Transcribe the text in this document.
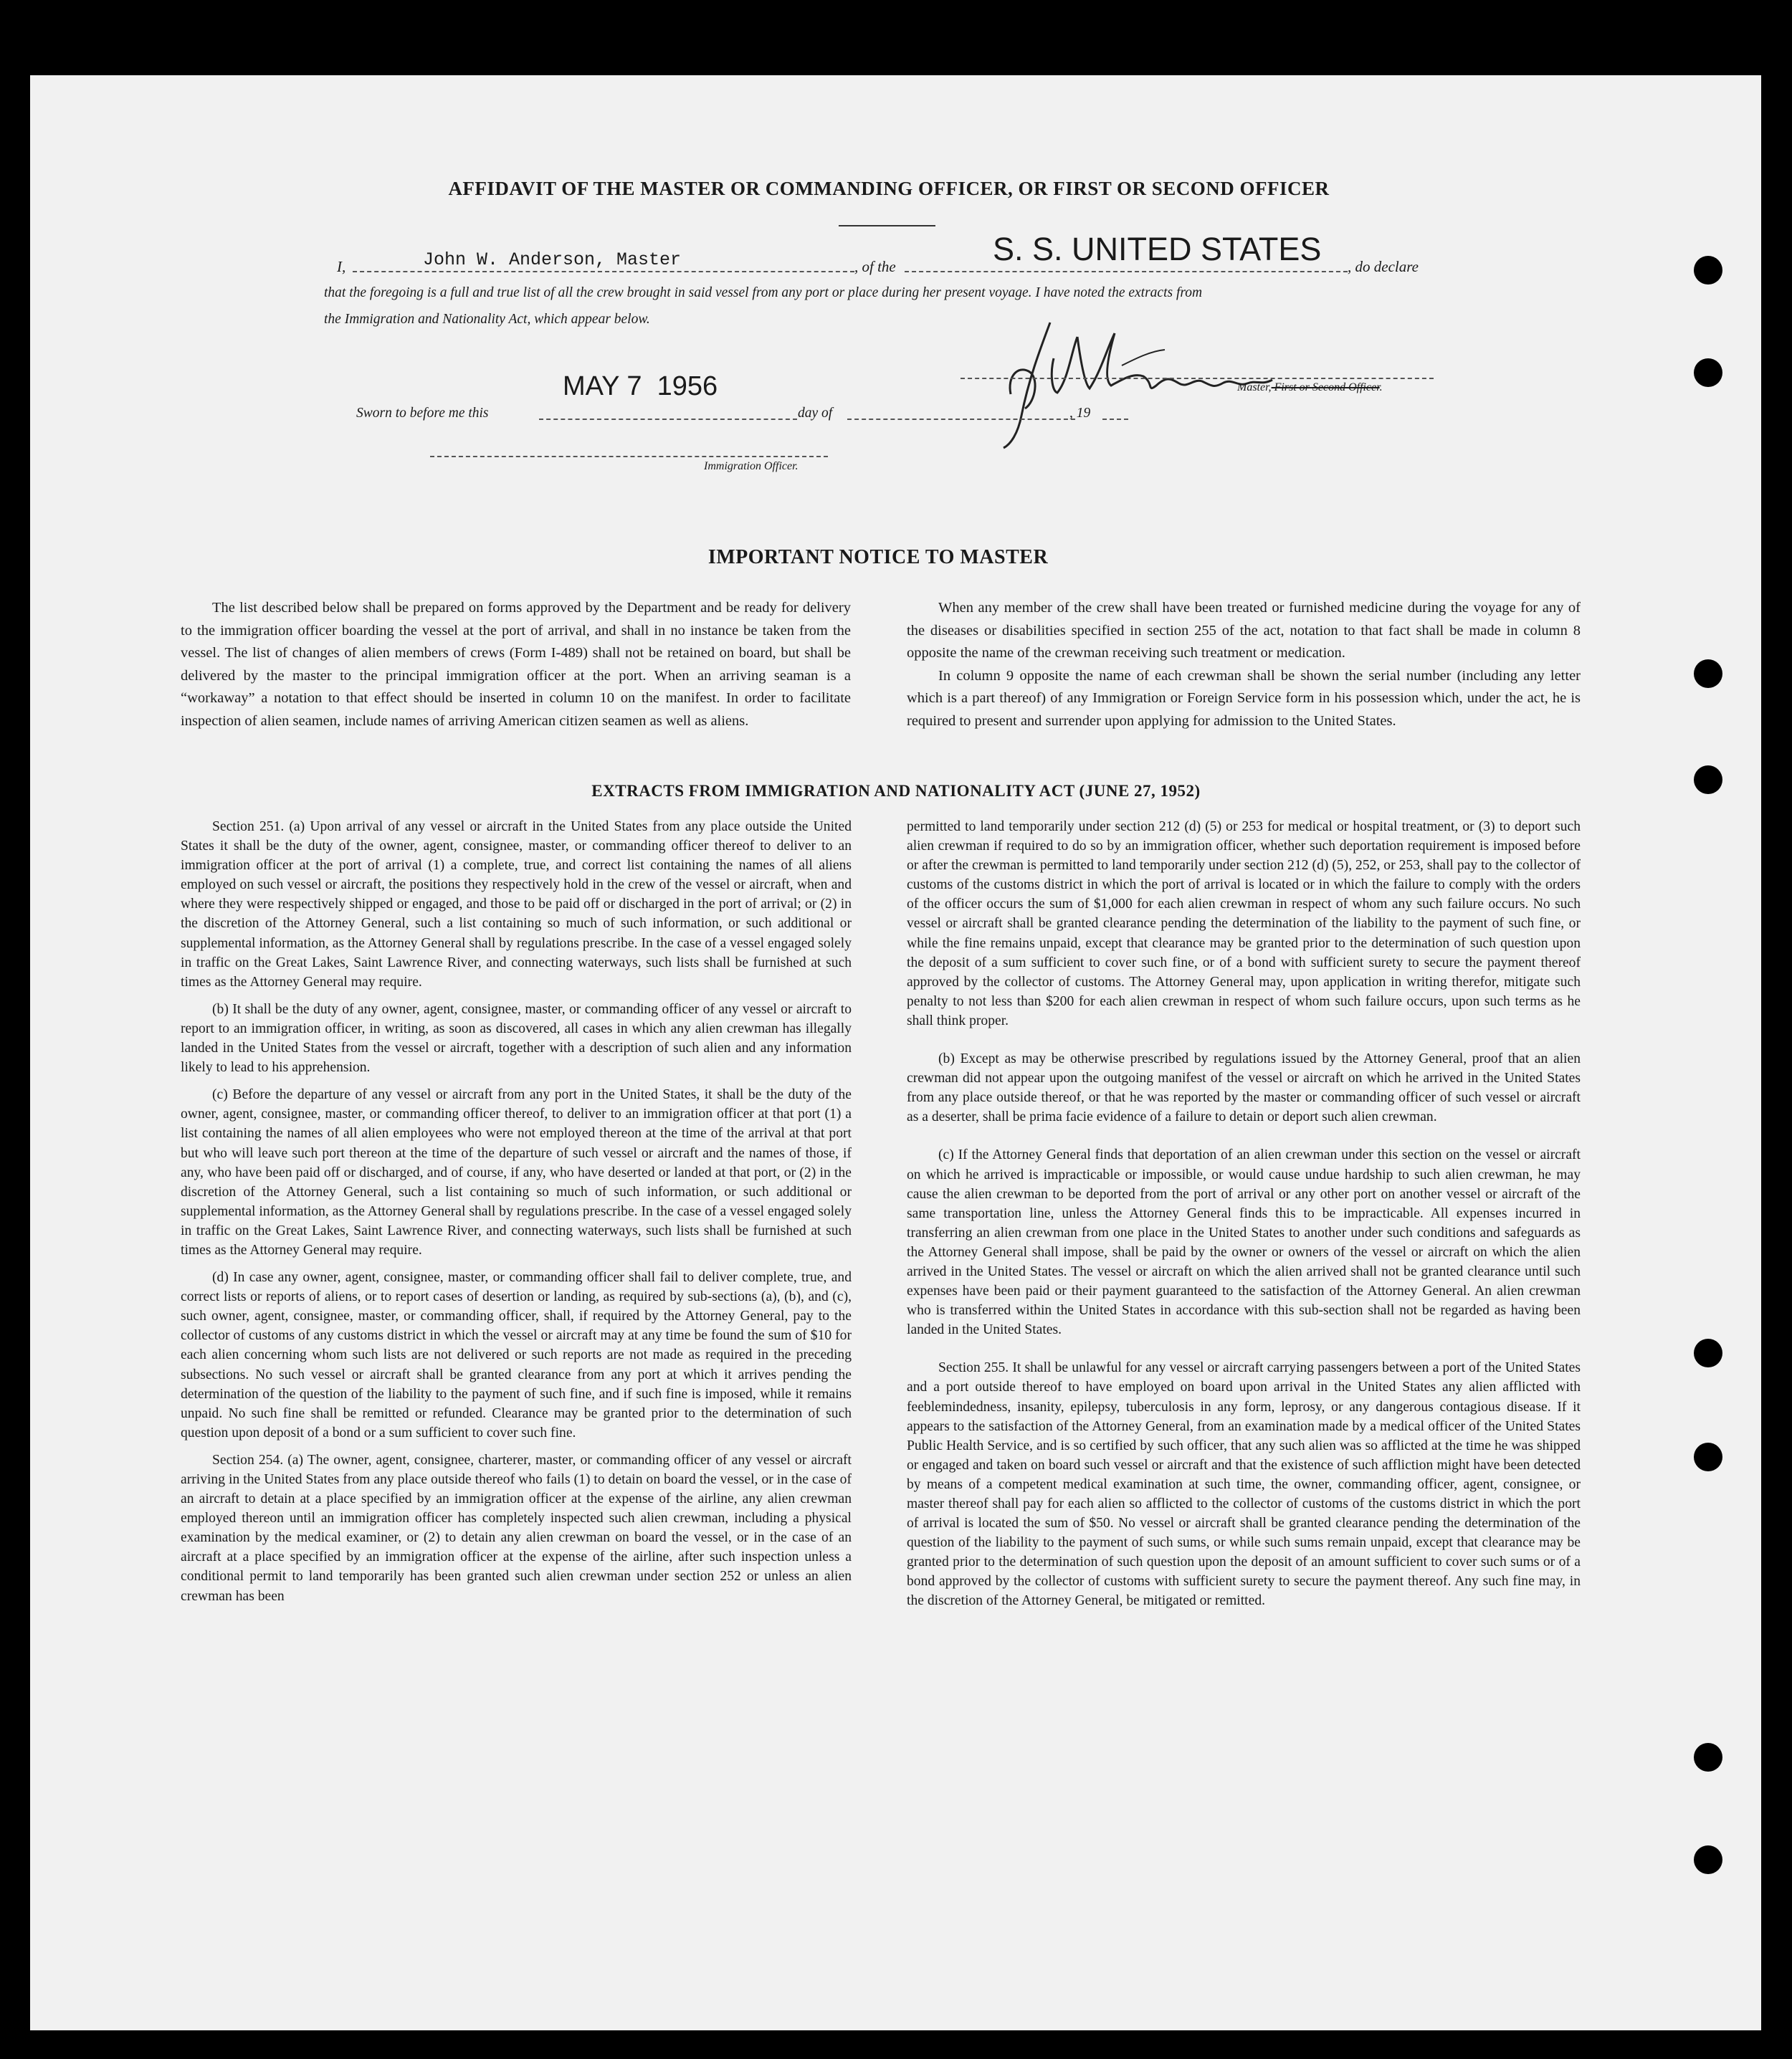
AFFIDAVIT OF THE MASTER OR COMMANDING OFFICER, OR FIRST OR SECOND OFFICER
I,	John W. Anderson, Master	, of the	S. S. UNITED STATES , do declare
that the foregoing is a full and true list of all the crew brought in said vessel from any port or place during her present voyage. I have noted the extracts from
the Immigration and Nationality Act, which appear below.
MAY 7  1956	Master, First or Second Officer.
Sworn to before me this	day of	, 19
Immigration Officer.
IMPORTANT NOTICE TO MASTER

The list described below shall be prepared on forms approved by the Department and be ready for delivery to the immigration officer boarding the vessel at the port of arrival, and shall in no instance be taken from the vessel. The list of changes of alien members of crews (Form I-489) shall not be retained on board, but shall be delivered by the master to the principal immigration officer at the port. When an arriving seaman is a “workaway” a notation to that effect should be inserted in column 10 on the manifest. In order to facilitate inspection of alien seamen, include names of arriving American citizen seamen as well as aliens.

When any member of the crew shall have been treated or furnished medicine during the voyage for any of the diseases or disabilities specified in section 255 of the act, notation to that fact shall be made in column 8 opposite the name of the crewman receiving such treatment or medication.

In column 9 opposite the name of each crewman shall be shown the serial number (including any letter which is a part thereof) of any Immigration or Foreign Service form in his possession which, under the act, he is required to present and surrender upon applying for admission to the United States.

EXTRACTS FROM IMMIGRATION AND NATIONALITY ACT (JUNE 27, 1952)

Section 251. (a) Upon arrival of any vessel or aircraft in the United States from any place outside the United States it shall be the duty of the owner, agent, consignee, master, or commanding officer thereof to deliver to an immigration officer at the port of arrival (1) a complete, true, and correct list containing the names of all aliens employed on such vessel or aircraft, the positions they respectively hold in the crew of the vessel or aircraft, when and where they were respectively shipped or engaged, and those to be paid off or discharged in the port of arrival; or (2) in the discretion of the Attorney General, such a list containing so much of such information, or such additional or supplemental information, as the Attorney General shall by regulations prescribe. In the case of a vessel engaged solely in traffic on the Great Lakes, Saint Lawrence River, and connecting waterways, such lists shall be furnished at such times as the Attorney General may require.

(b) It shall be the duty of any owner, agent, consignee, master, or commanding officer of any vessel or aircraft to report to an immigration officer, in writing, as soon as discovered, all cases in which any alien crewman has illegally landed in the United States from the vessel or aircraft, together with a description of such alien and any information likely to lead to his apprehension.

(c) Before the departure of any vessel or aircraft from any port in the United States, it shall be the duty of the owner, agent, consignee, master, or commanding officer thereof, to deliver to an immigration officer at that port (1) a list containing the names of all alien employees who were not employed thereon at the time of the arrival at that port but who will leave such port thereon at the time of the departure of such vessel or aircraft and the names of those, if any, who have been paid off or discharged, and of course, if any, who have deserted or landed at that port, or (2) in the discretion of the Attorney General, such a list containing so much of such information, or such additional or supplemental information, as the Attorney General shall by regulations prescribe. In the case of a vessel engaged solely in traffic on the Great Lakes, Saint Lawrence River, and connecting waterways, such lists shall be furnished at such times as the Attorney General may require.

(d) In case any owner, agent, consignee, master, or commanding officer shall fail to deliver complete, true, and correct lists or reports of aliens, or to report cases of desertion or landing, as required by sub-sections (a), (b), and (c), such owner, agent, consignee, master, or commanding officer, shall, if required by the Attorney General, pay to the collector of customs of any customs district in which the vessel or aircraft may at any time be found the sum of $10 for each alien concerning whom such lists are not delivered or such reports are not made as required in the preceding subsections. No such vessel or aircraft shall be granted clearance from any port at which it arrives pending the determination of the question of the liability to the payment of such fine, and if such fine is imposed, while it remains unpaid. No such fine shall be remitted or refunded. Clearance may be granted prior to the determination of such question upon deposit of a bond or a sum sufficient to cover such fine.

Section 254. (a) The owner, agent, consignee, charterer, master, or commanding officer of any vessel or aircraft arriving in the United States from any place outside thereof who fails (1) to detain on board the vessel, or in the case of an aircraft to detain at a place specified by an immigration officer at the expense of the airline, any alien crewman employed thereon until an immigration officer has completely inspected such alien crewman, including a physical examination by the medical examiner, or (2) to detain any alien crewman on board the vessel, or in the case of an aircraft at a place specified by an immigration officer at the expense of the airline, after such inspection unless a conditional permit to land temporarily has been granted such alien crewman under section 252 or unless an alien crewman has been

permitted to land temporarily under section 212 (d) (5) or 253 for medical or hospital treatment, or (3) to deport such alien crewman if required to do so by an immigration officer, whether such deportation requirement is imposed before or after the crewman is permitted to land temporarily under section 212 (d) (5), 252, or 253, shall pay to the collector of customs of the customs district in which the port of arrival is located or in which the failure to comply with the orders of the officer occurs the sum of $1,000 for each alien crewman in respect of whom any such failure occurs. No such vessel or aircraft shall be granted clearance pending the determination of the liability to the payment of such fine, or while the fine remains unpaid, except that clearance may be granted prior to the determination of such question upon the deposit of a sum sufficient to cover such fine, or of a bond with sufficient surety to secure the payment thereof approved by the collector of customs. The Attorney General may, upon application in writing therefor, mitigate such penalty to not less than $200 for each alien crewman in respect of whom such failure occurs, upon such terms as he shall think proper.

(b) Except as may be otherwise prescribed by regulations issued by the Attorney General, proof that an alien crewman did not appear upon the outgoing manifest of the vessel or aircraft on which he arrived in the United States from any place outside thereof, or that he was reported by the master or commanding officer of such vessel or aircraft as a deserter, shall be prima facie evidence of a failure to detain or deport such alien crewman.

(c) If the Attorney General finds that deportation of an alien crewman under this section on the vessel or aircraft on which he arrived is impracticable or impossible, or would cause undue hardship to such alien crewman, he may cause the alien crewman to be deported from the port of arrival or any other port on another vessel or aircraft of the same transportation line, unless the Attorney General finds this to be impracticable. All expenses incurred in transferring an alien crewman from one place in the United States to another under such conditions and safeguards as the Attorney General shall impose, shall be paid by the owner or owners of the vessel or aircraft on which the alien arrived in the United States. The vessel or aircraft on which the alien arrived shall not be granted clearance until such expenses have been paid or their payment guaranteed to the satisfaction of the Attorney General. An alien crewman who is transferred within the United States in accordance with this sub-section shall not be regarded as having been landed in the United States.

Section 255. It shall be unlawful for any vessel or aircraft carrying passengers between a port of the United States and a port outside thereof to have employed on board upon arrival in the United States any alien afflicted with feeblemindedness, insanity, epilepsy, tuberculosis in any form, leprosy, or any dangerous contagious disease. If it appears to the satisfaction of the Attorney General, from an examination made by a medical officer of the United States Public Health Service, and is so certified by such officer, that any such alien was so afflicted at the time he was shipped or engaged and taken on board such vessel or aircraft and that the existence of such affliction might have been detected by means of a competent medical examination at such time, the owner, commanding officer, agent, consignee, or master thereof shall pay for each alien so afflicted to the collector of customs of the customs district in which the port of arrival is located the sum of $50. No vessel or aircraft shall be granted clearance pending the determination of the question of the liability to the payment of such sums, or while such sums remain unpaid, except that clearance may be granted prior to the determination of such question upon the deposit of an amount sufficient to cover such sums or of a bond approved by the collector of customs with sufficient surety to secure the payment thereof. Any such fine may, in the discretion of the Attorney General, be mitigated or remitted.
